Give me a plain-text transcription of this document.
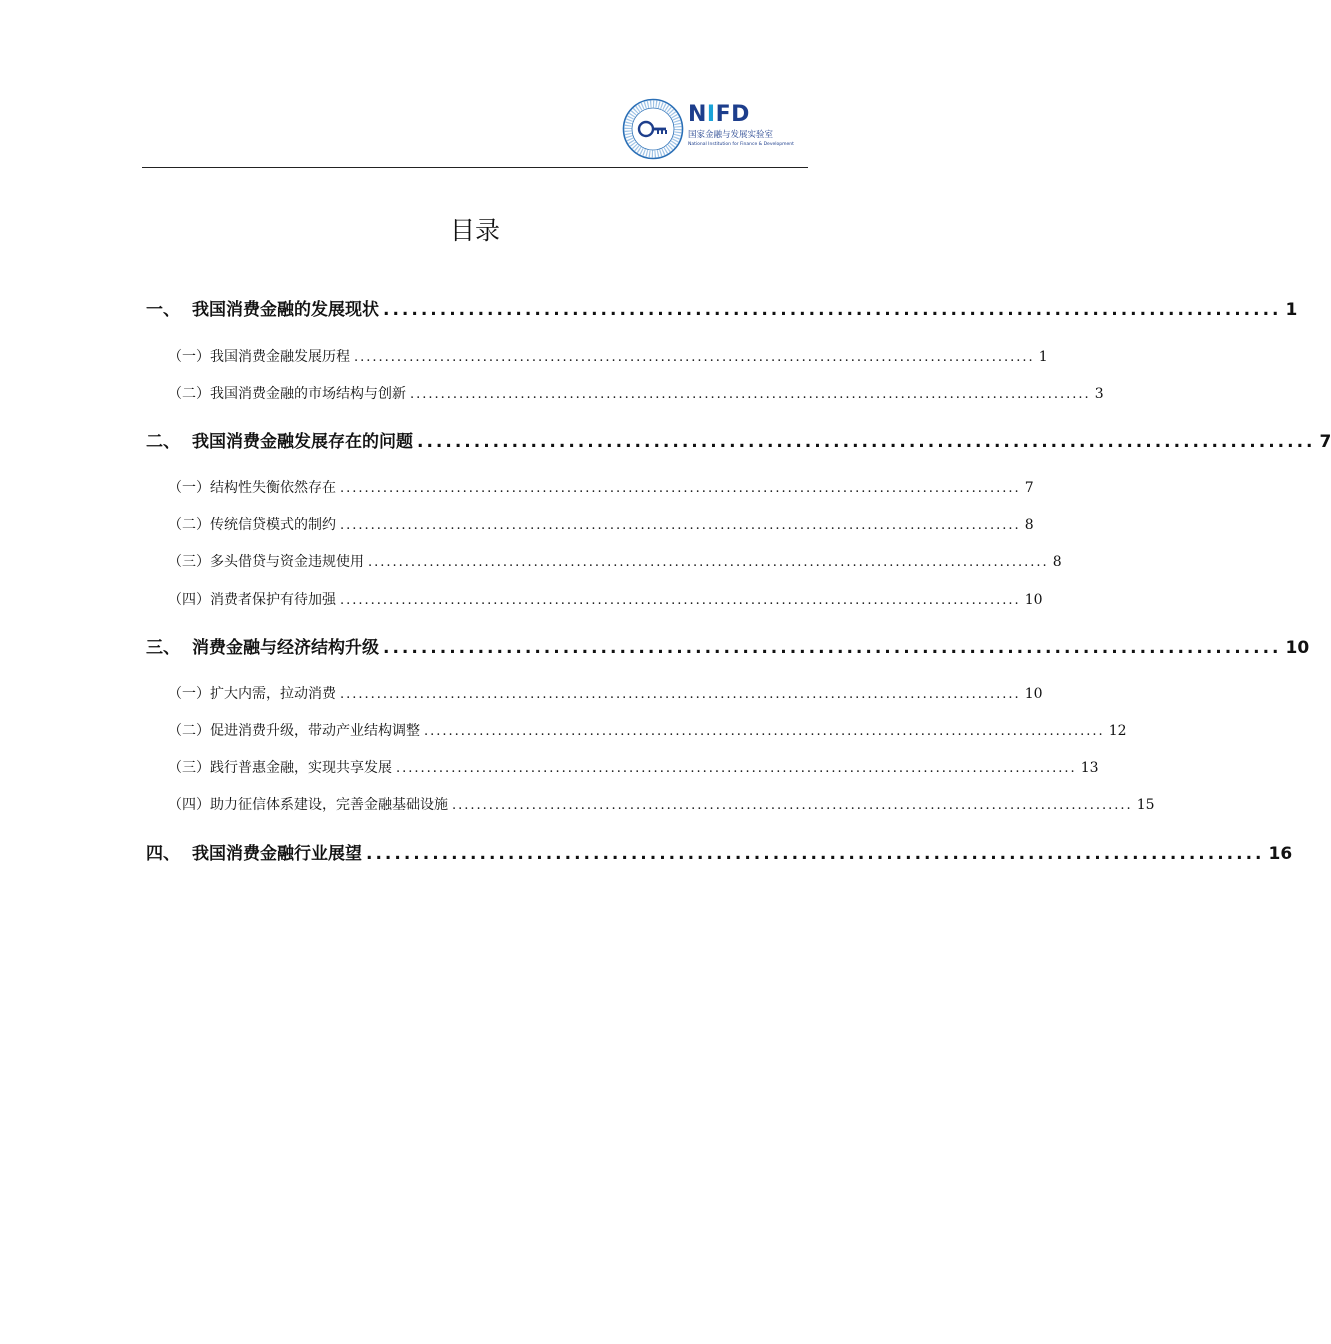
NIFD
国家金融与发展实验室
National Institution for Finance & Development
目录
一、 我国消费金融的发展现状 ............................................................................................... 1
（一）我国消费金融发展历程 ............................................................................................................... 1
（二）我国消费金融的市场结构与创新 ............................................................................................................... 3
二、 我国消费金融发展存在的问题 ............................................................................................... 7
（一）结构性失衡依然存在 ............................................................................................................... 7
（二）传统信贷模式的制约 ............................................................................................................... 8
（三）多头借贷与资金违规使用 ............................................................................................................... 8
（四）消费者保护有待加强 ............................................................................................................... 10
三、 消费金融与经济结构升级 ............................................................................................... 10
（一）扩大内需，拉动消费 ............................................................................................................... 10
（二）促进消费升级，带动产业结构调整 ............................................................................................................... 12
（三）践行普惠金融，实现共享发展 ............................................................................................................... 13
（四）助力征信体系建设，完善金融基础设施 ............................................................................................................... 15
四、 我国消费金融行业展望 ............................................................................................... 16
